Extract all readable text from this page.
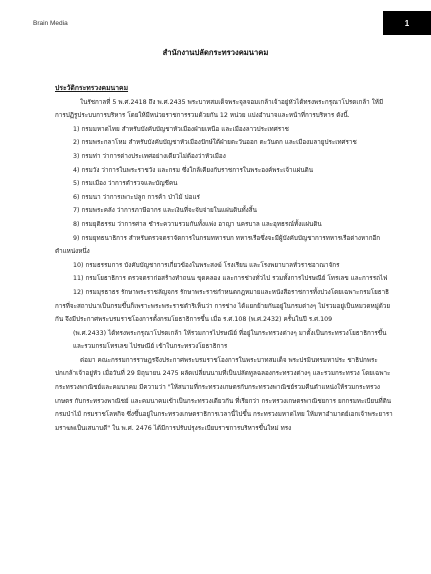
Brain Media	1
สำนักงานปลัดกระทรวงคมนาคม

ประวัติกระทรวงคมนาคม

ในรัชกาลที่ 5 พ.ศ.2418 ถึง พ.ศ.2435 พระบาทสมเด็จพระจุลจอมเกล้าเจ้าอยู่หัวได้ทรงพระกรุณาโปรดเกล้า ให้มีการปฏิรูประบบการบริหาร โดยให้มีหน่วยราชการรวมด้วยกัน 12 หน่วย แบ่งอำนาจและหน้าที่การบริหาร ดังนี้.

1) กรมมหาดไทย สำหรับบังคับบัญชาหัวเมืองฝ่ายเหนือ และเมืองลาวประเทศราช

2) กรมพระกลาโหม สำหรับบังคับบัญชาหัวเมืองปักษ์ใต้ฝ่ายตะวันออก ตะวันตก และเมืองมลายูประเทศราช

3) กรมท่า ว่าการต่างประเทศอย่างเดียวไม่ต้องว่าหัวเมือง

4) กรมวัง ว่าการในพระราชวัง และกรม ซึ่งใกล้เคียงกับราชการในพระองค์พระเจ้าแผ่นดิน

5) กรมเมือง ว่าการตำรวจและบัญชีคน

6) กรมนา ว่าการเพาะปลูก การค้า ป่าไม้ บ่อแร่

7) กรมพระคลัง ว่าการภาษีอากร และเงินที่จะจับจ่ายในแผ่นดินทั้งสิ้น

8) กรมยุติธรรม ว่าการศาล ชำระความรวมกันทั้งแพ่ง อาญา นครบาล และอุทธรณ์ทั้งแผ่นดิน

9) กรมยุทธนาธิการ สำหรับตรวจตราจัดการในกรมทหารบก ทหารเรือซึ่งจะมีผู้บังคับบัญชาการทหารเรือต่างหากอีกตำแหน่งหนึ่ง

10) กรมธรรมการ บังคับบัญชาการเกี่ยวข้องในพระสงฆ์ โรงเรียน และโรงพยาบาลทั่วราชอาณาจักร

11) กรมโยธาธิการ ตรวจตราก่อสร้างทำถนน ขุดคลอง และการช่างทั่วไป รวมทั้งการไปรษณีย์ โทรเลข และการรถไฟ

12) กรมมุรธาธร รักษาพระราชลัญจกร รักษาพระราชกำหนดกฎหมายและหนังสือราชการทั้งปวงโดยเฉพาะกรมโยธาธิการที่จะสถาปนาเป็นกรมขึ้นก็เพราะพระพระราชดำริเห็นว่า การช่าง ได้แยกย้ายกันอยู่ในกรมต่างๆ ไม่รวมอยู่เป็นหมวดหมู่ด้วยกัน จึงมีประกาศพระบรมราชโองการตั้งกรมโยธาธิการขึ้น เมื่อ ร.ศ.108 (พ.ศ.2432) ครั้นในปี ร.ศ.109

(พ.ศ.2433) ได้ทรงพระกรุณาโปรดเกล้า ให้รวมการไปรษณีย์ ที่อยู่ในกระทรวงต่างๆ มาตั้งเป็นกระทรวงโยธาธิการขึ้น และรวมกรมโทรเลข ไปรษณีย์ เข้าในกระทรวงโยธาธิการ

ต่อมา คณะกรรมการราษฎรจึงประกาศพระบรมราชโองการในพระบาทสมเด็จ พระปรมินทรมหาประ ชาธิปกพระปกเกล้าเจ้าอยู่หัว เมื่อวันที่ 29 มิถุนายน 2475 ผลัดเปลี่ยนนามที่เป็นปลัดทูลฉลองกระทรวงต่างๆ และรวมกระทรวง โดยเฉพาะกระทรวงพาณิชย์และคมนาคม มีความว่า "ให้สนามที่กระทรวงเกษตรกับกระทรวงพาณิชย์รวมคืนตำแหน่งให้รวมกระทรวงเกษตร กับกระทรวงพาณิชย์ และคมนาคมเข้าเป็นกระทรวงเดียวกัน ที่เรียกว่า กระทรวงเกษตรพาณิชยการ ยกกรมทะเบียนที่ดิน กรมป่าไม้ กรมราชโลหกิจ ซึ่งขึ้นอยู่ในกระทรวงเกษตราธิการเวลานี้ไปขึ้น กระทรวงมหาดไทย ให้มหาอำมาตย์เอกเจ้าพระยารามราฆพเป็นเสนาบดี" ใน พ.ศ. 2476 ได้มีการปรับปรุงระเบียบราชการบริหารขึ้นใหม่ ทรง
